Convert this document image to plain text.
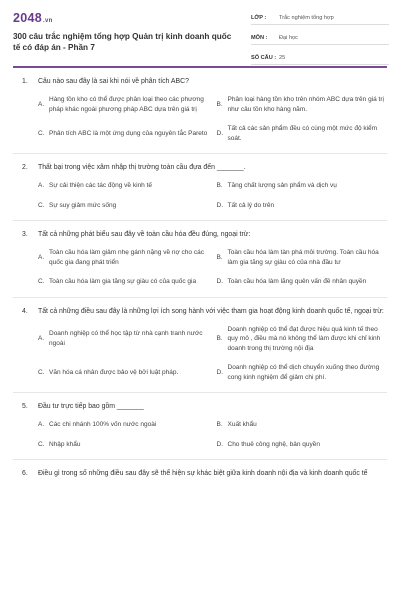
2048.vn
300 câu trắc nghiệm tổng hợp Quản trị kinh doanh quốc tế có đáp án - Phần 7
LỚP :	Trắc nghiệm tổng hợp
MÔN :	Đại học
SỐ CÂU : 25
1.	Câu nào sau đây là sai khi nói về phân tích ABC?
A.
Hàng tồn kho có thể được phân loại theo các phương pháp khác ngoài phương pháp ABC dựa trên giá trị
B.
Phân loại hàng tồn kho trên nhóm ABC dựa trên giá trị như câu tồn kho hàng năm.
C. Phân tích ABC là một ứng dụng của nguyên tắc Pareto D.
Tất cả các sản phẩm đều có cùng một mức độ kiểm soát.
2.	Thất bại trong việc xâm nhập thị trường toàn cầu đựa đến _______.
A. Sự cải thiện các tác động về kinh tế	B. Tăng chất lượng sản phẩm và dịch vụ
C. Sự suy giảm mức sống	D. Tất cả lý do trên
3.	Tất cả những phát biểu sau đây về toàn cầu hóa đều đúng, ngoại trừ:
A.
Toàn cầu hóa làm giảm nhẹ gánh nặng về nợ cho các quốc gia đang phát triển
B.
Toàn cầu hóa làm tàn phá môi trường. Toàn cầu hóa làm gia tăng sự giàu có của nhà đầu tư
C. Toàn cầu hóa làm gia tăng sự giàu có của quốc gia	D. Toàn cầu hóa làm lãng quên vấn đề nhân quyền
4.	Tất cả những điều sau đây là những lợi ích song hành với việc tham gia hoạt động kinh doanh quốc tế, ngoại trừ:
A.
Doanh nghiệp có thể học tập từ nhà cạnh tranh nước ngoài
B.
Doanh nghiệp có thể đạt được hiệu quả kinh tế theo quy mô , điều mà nó không thể làm được khi chỉ kinh doanh trong thị trường nội địa
C. Văn hóa cá nhân được bảo vệ bởi luật pháp.	D.
Doanh nghiệp có thể dịch chuyển xuống theo đường cong kinh nghiệm để giảm chi phí.
5.	Đầu tư trực tiếp bao gồm _______
A. Các chi nhánh 100% vốn nước ngoài	B. Xuất khẩu
C. Nhập khẩu	D. Cho thuê công nghệ, bản quyền
6.	Điều gì trong số những điều sau đây sẽ thể hiện sự khác biệt giữa kinh doanh nội địa và kinh doanh quốc tế
